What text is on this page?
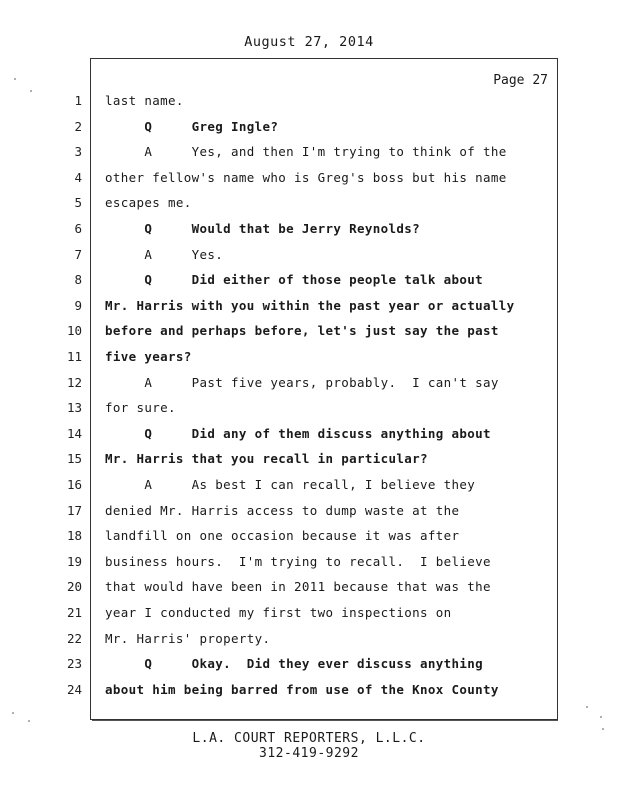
August 27, 2014
Page 27
1 last name.
2 Q     Greg Ingle?
3 A     Yes, and then I'm trying to think of the
4 other fellow's name who is Greg's boss but his name
5 escapes me.
6 Q     Would that be Jerry Reynolds?
7 A     Yes.
8 Q     Did either of those people talk about
9 Mr. Harris with you within the past year or actually
10 before and perhaps before, let's just say the past
11 five years?
12 A     Past five years, probably.  I can't say
13 for sure.
14 Q     Did any of them discuss anything about
15 Mr. Harris that you recall in particular?
16 A     As best I can recall, I believe they
17 denied Mr. Harris access to dump waste at the
18 landfill on one occasion because it was after
19 business hours.  I'm trying to recall.  I believe
20 that would have been in 2011 because that was the
21 year I conducted my first two inspections on
22 Mr. Harris' property.
23 Q     Okay.  Did they ever discuss anything
24 about him being barred from use of the Knox County
L.A. COURT REPORTERS, L.L.C.
312-419-9292
